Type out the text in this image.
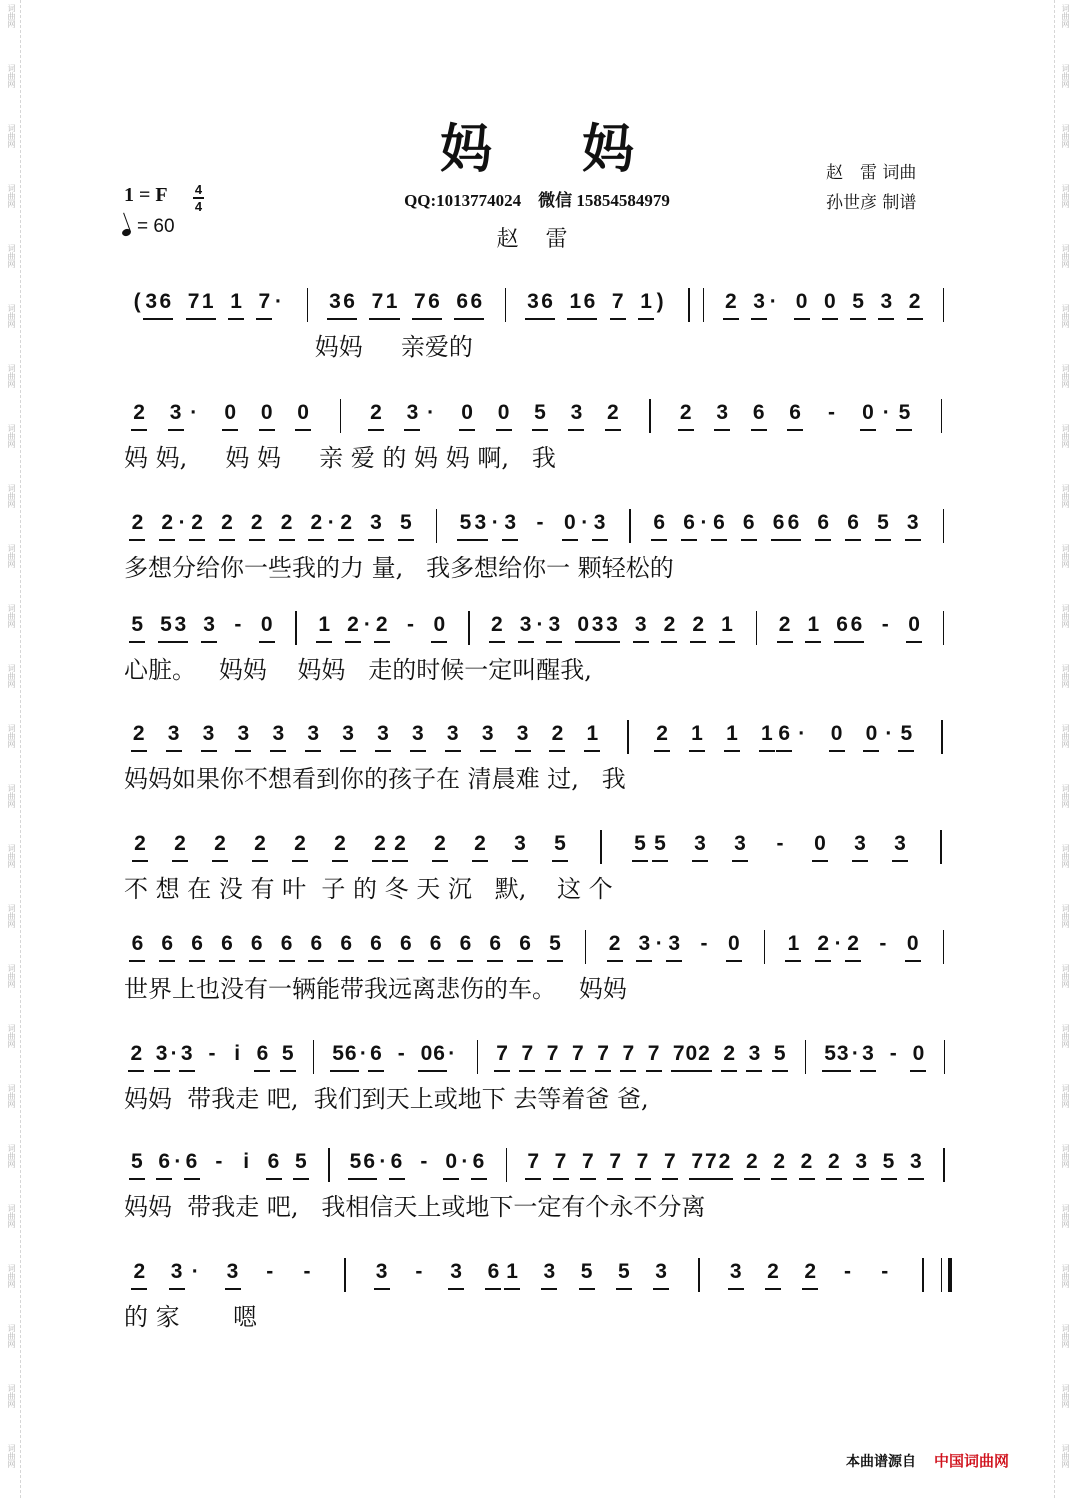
词曲网
词曲网
词曲网
词曲网
词曲网
词曲网
词曲网
词曲网
词曲网
词曲网
词曲网
词曲网
词曲网
词曲网
词曲网
词曲网
词曲网
词曲网
词曲网
词曲网
词曲网
词曲网
词曲网
词曲网
词曲网
词曲网
词曲网
词曲网
词曲网
词曲网
词曲网
词曲网
词曲网
词曲网
词曲网
词曲网
词曲网
词曲网
词曲网
词曲网
词曲网
词曲网
词曲网
词曲网
词曲网
词曲网
词曲网
词曲网
词曲网
词曲网
妈 妈	赵　雷 词曲
孙世彦 制谱
QQ:1013774024　微信 15854584979
赵 雷
1 = F 4
4
= 60
( 3 6 7 1 1 7 ·	3 6 7 1 7 6 6 6 3 6 1 6 7 1 )	2 3 · 0 0 5 3 2
妈妈     亲爱的
2 3 ·	0 0 0	2 3 ·	0 0 5 3 2	2 3 6 6	-	0 · 5
妈 妈,     妈 妈     亲 爱 的 妈 妈 啊,   我
2 2 · 2 2 2 2 2 · 2 3 5 5 3 · 3 - 0 · 3 6 6 · 6 6 6 6 6 6 5 3
多想分给你一些我的力 量,   我多想给你一 颗轻松的
5 5 3 3 - 0 1 2 · 2 - 0 2 3 · 3 0 3 3 3 2 2 1 2 1 6 6 - 0
心脏。   妈妈    妈妈   走的时候一定叫醒我,
2 3 3 3 3 3 3 3 3 3 3 3 2 1	2 1 1 1 6 ·	0 0 · 5
妈妈如果你不想看到你的孩子在 清晨难 过,   我
2 2 2 2 2 2 2 2 2 2 3 5	5 5 3 3	-	0 3 3
不 想 在 没 有 叶  子 的 冬 天 沉   默,    这 个
6 6 6 6 6 6 6 6 6 6 6 6 6 6 5 2 3 · 3 - 0 1 2 · 2 - 0
世界上也没有一辆能带我远离悲伤的车。   妈妈
2 3 · 3 - i 6 5 5 6 · 6 - 0 6 ·	7 7 7 7 7 7 7 7 0 2 2 3 5 5 3 · 3 - 0
妈妈  带我走 吧,  我们到天上或地下 去等着爸 爸,
5 6 · 6 - i 6 5 5 6 · 6 - 0 · 6 7 7 7 7 7 7 7 7 2 2 2 2 2 3 5 3
妈妈  带我走 吧,   我相信天上或地下一定有个永不分离
2 3 ·	3	-	-	3	-	3 6 1 3 5 5 3	3 2 2	-	-
的 家       嗯
本曲谱源自 中国词曲网
